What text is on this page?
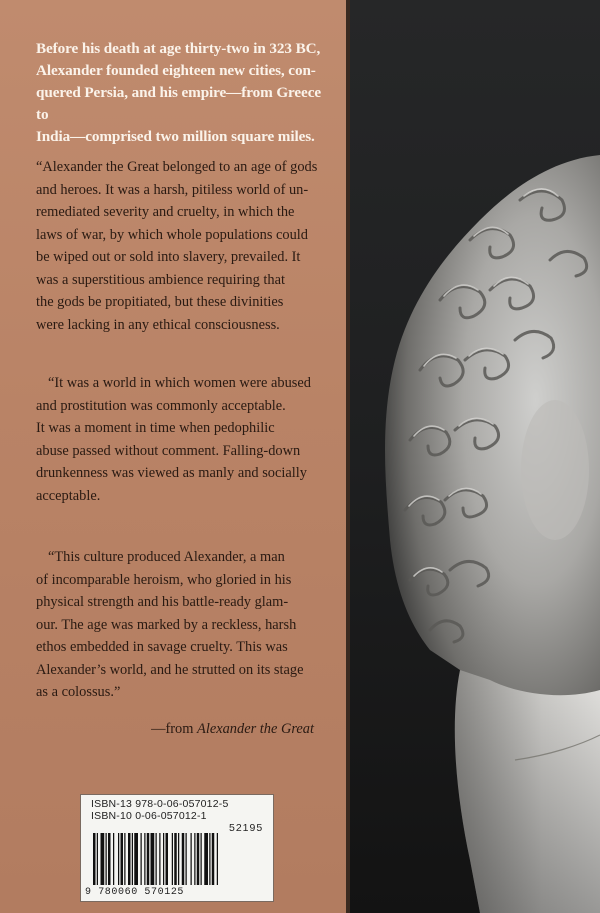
Before his death at age thirty-two in 323 BC,
Alexander founded eighteen new cities, con-
quered Persia, and his empire—from Greece to
India—comprised two million square miles.

“Alexander the Great belonged to an age of gods
and heroes. It was a harsh, pitiless world of un-
remediated severity and cruelty, in which the
laws of war, by which whole populations could
be wiped out or sold into slavery, prevailed. It
was a superstitious ambience requiring that
the gods be propitiated, but these divinities
were lacking in any ethical consciousness.

“It was a world in which women were abused
and prostitution was commonly acceptable.
It was a moment in time when pedophilic
abuse passed without comment. Falling-down
drunkenness was viewed as manly and socially
acceptable.

“This culture produced Alexander, a man
of incomparable heroism, who gloried in his
physical strength and his battle-ready glam-
our. The age was marked by a reckless, harsh
ethos embedded in savage cruelty. This was
Alexander’s world, and he strutted on its stage
as a colossus.”

—from Alexander the Great

ISBN-13 978-0-06-057012-5
ISBN-10 0-06-057012-1
52195
9 780060 570125
